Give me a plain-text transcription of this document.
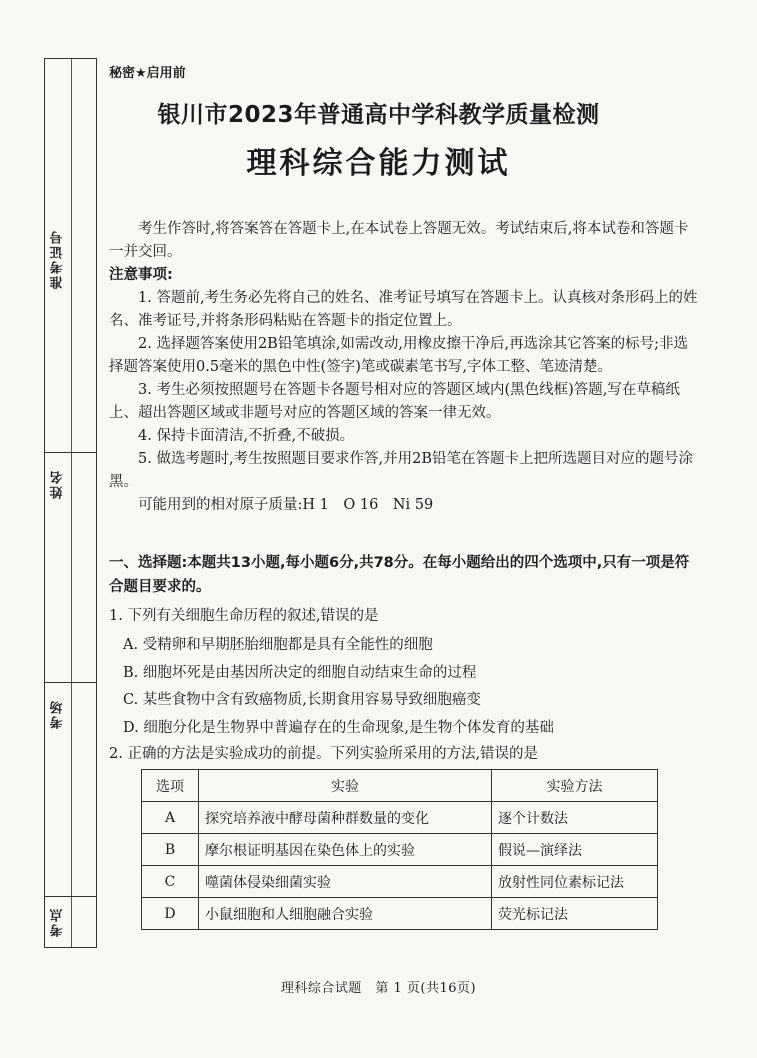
准考证号
姓名
考场
考点
秘密★启用前
银川市2023年普通高中学科教学质量检测
理科综合能力测试

考生作答时,将答案答在答题卡上,在本试卷上答题无效。考试结束后,将本试卷和答题卡一并交回。

注意事项:

1. 答题前,考生务必先将自己的姓名、准考证号填写在答题卡上。认真核对条形码上的姓名、准考证号,并将条形码粘贴在答题卡的指定位置上。

2. 选择题答案使用2B铅笔填涂,如需改动,用橡皮擦干净后,再选涂其它答案的标号;非选择题答案使用0.5毫米的黑色中性(签字)笔或碳素笔书写,字体工整、笔迹清楚。

3. 考生必须按照题号在答题卡各题号相对应的答题区域内(黑色线框)答题,写在草稿纸上、超出答题区域或非题号对应的答题区域的答案一律无效。

4. 保持卡面清洁,不折叠,不破损。

5. 做选考题时,考生按照题目要求作答,并用2B铅笔在答题卡上把所选题目对应的题号涂黑。

可能用到的相对原子质量:H 1　O 16　Ni 59

一、选择题:本题共13小题,每小题6分,共78分。在每小题给出的四个选项中,只有一项是符合题目要求的。
1. 下列有关细胞生命历程的叙述,错误的是
A. 受精卵和早期胚胎细胞都是具有全能性的细胞
B. 细胞坏死是由基因所决定的细胞自动结束生命的过程
C. 某些食物中含有致癌物质,长期食用容易导致细胞癌变
D. 细胞分化是生物界中普遍存在的生命现象,是生物个体发育的基础
2. 正确的方法是实验成功的前提。下列实验所采用的方法,错误的是
选项	实验	实验方法
A	探究培养液中酵母菌种群数量的变化	逐个计数法
B	摩尔根证明基因在染色体上的实验	假说—演绎法
C	噬菌体侵染细菌实验	放射性同位素标记法
D	小鼠细胞和人细胞融合实验	荧光标记法
理科综合试题　第 1 页(共16页)
